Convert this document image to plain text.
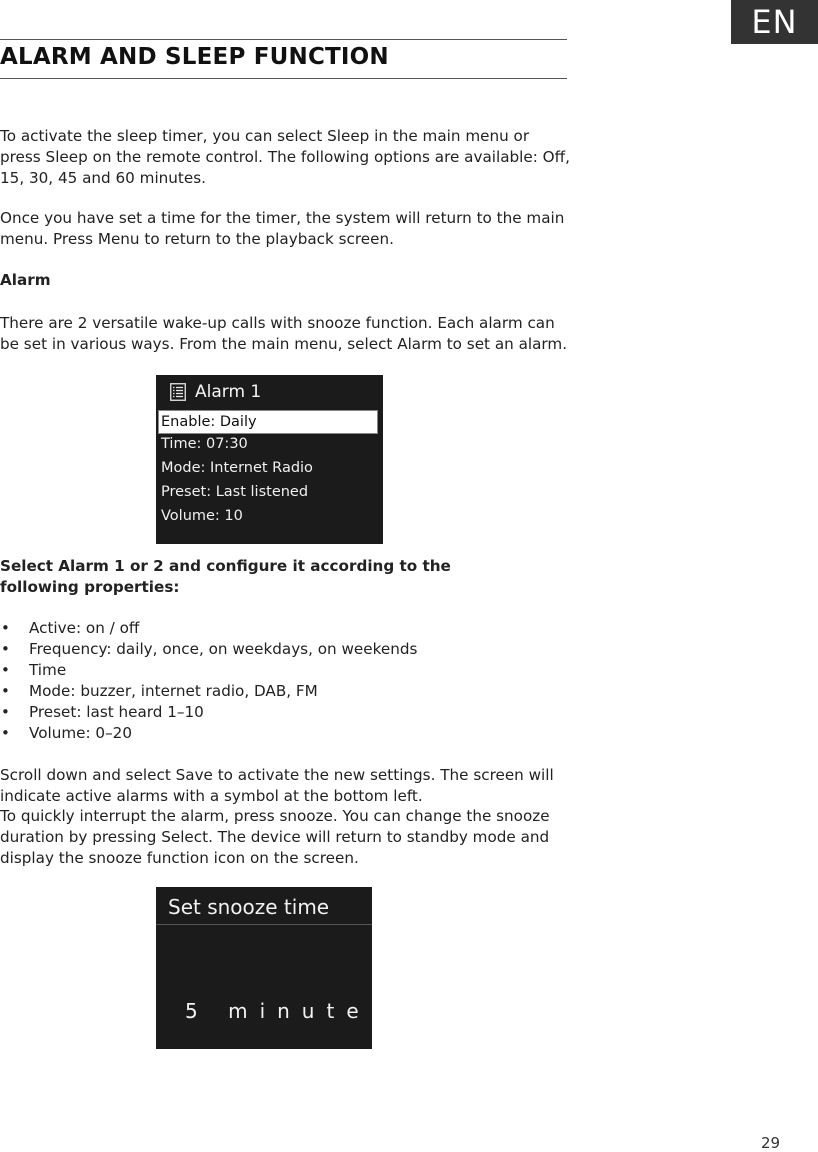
EN
ALARM AND SLEEP FUNCTION

To activate the sleep timer, you can select Sleep in the main menu or press Sleep on the remote control. The following options are available: Off, 15, 30, 45 and 60 minutes.

Once you have set a time for the timer, the system will return to the main menu. Press Menu to return to the playback screen.

Alarm

There are 2 versatile wake-up calls with snooze function. Each alarm can be set in various ways. From the main menu, select Alarm to set an alarm.

Alarm 1
Enable: Daily
Time: 07:30
Mode: Internet Radio
Preset: Last listened
Volume: 10

Select Alarm 1 or 2 and configure it according to the following properties:

• Active: on / off
• Frequency: daily, once, on weekdays, on weekends
• Time
• Mode: buzzer, internet radio, DAB, FM
• Preset: last heard 1–10
• Volume: 0–20

Scroll down and select Save to activate the new settings. The screen will indicate active alarms with a symbol at the bottom left.

To quickly interrupt the alarm, press snooze. You can change the snooze duration by pressing Select. The device will return to standby mode and display the snooze function icon on the screen.

Set snooze time
5 minute
29
